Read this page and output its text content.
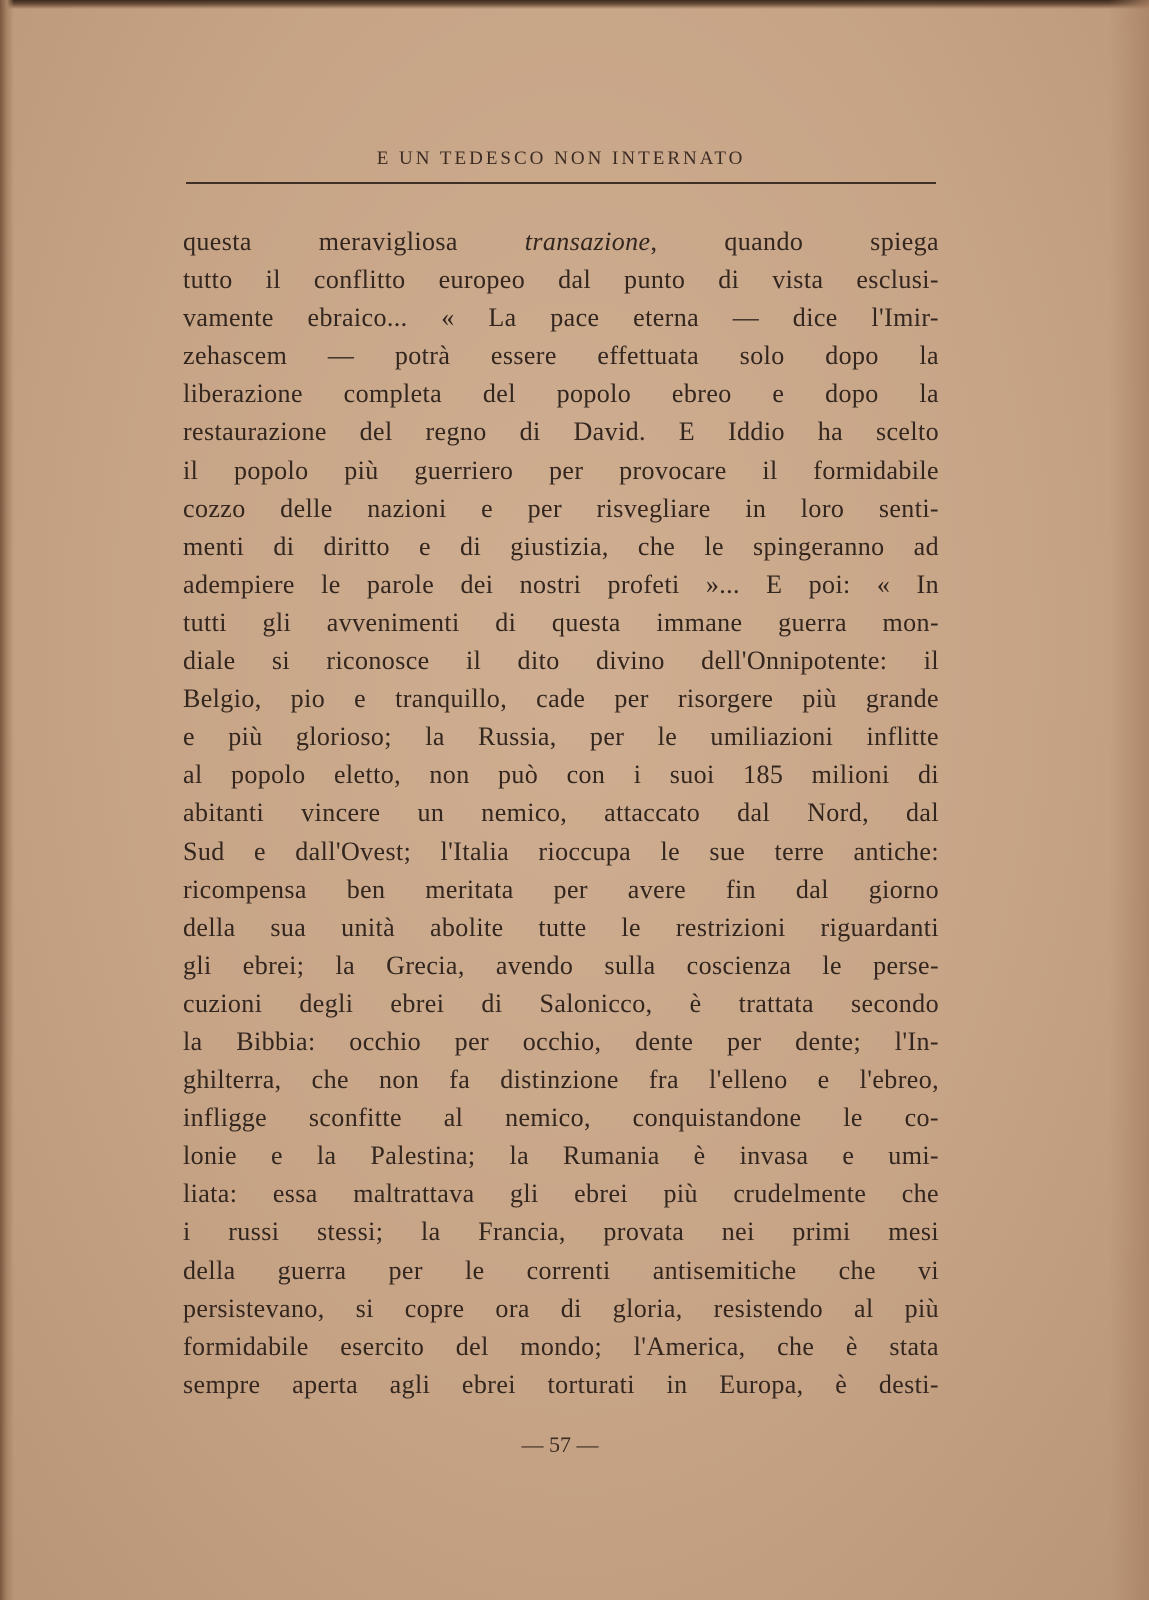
E UN TEDESCO NON INTERNATO
questa meravigliosa transazione, quando spiega
tutto il conflitto europeo dal punto di vista esclusi-
vamente ebraico... « La pace eterna — dice l'Imir-
zehascem — potrà essere effettuata solo dopo la
liberazione completa del popolo ebreo e dopo la
restaurazione del regno di David. E Iddio ha scelto
il popolo più guerriero per provocare il formidabile
cozzo delle nazioni e per risvegliare in loro senti-
menti di diritto e di giustizia, che le spingeranno ad
adempiere le parole dei nostri profeti »... E poi: « In
tutti gli avvenimenti di questa immane guerra mon-
diale si riconosce il dito divino dell'Onnipotente: il
Belgio, pio e tranquillo, cade per risorgere più grande
e più glorioso; la Russia, per le umiliazioni inflitte
al popolo eletto, non può con i suoi 185 milioni di
abitanti vincere un nemico, attaccato dal Nord, dal
Sud e dall'Ovest; l'Italia rioccupa le sue terre antiche:
ricompensa ben meritata per avere fin dal giorno
della sua unità abolite tutte le restrizioni riguardanti
gli ebrei; la Grecia, avendo sulla coscienza le perse-
cuzioni degli ebrei di Salonicco, è trattata secondo
la Bibbia: occhio per occhio, dente per dente; l'In-
ghilterra, che non fa distinzione fra l'elleno e l'ebreo,
infligge sconfitte al nemico, conquistandone le co-
lonie e la Palestina; la Rumania è invasa e umi-
liata: essa maltrattava gli ebrei più crudelmente che
i russi stessi; la Francia, provata nei primi mesi
della guerra per le correnti antisemitiche che vi
persistevano, si copre ora di gloria, resistendo al più
formidabile esercito del mondo; l'America, che è stata
sempre aperta agli ebrei torturati in Europa, è desti-
— 57 —
